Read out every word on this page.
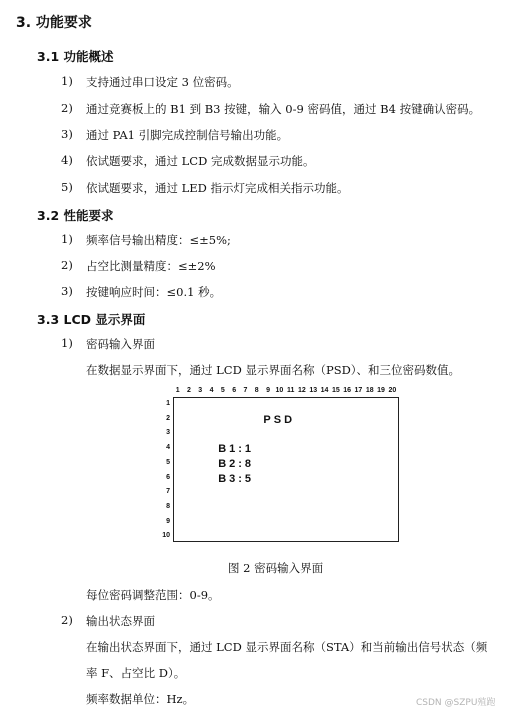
3. 功能要求
3.1 功能概述
1) 支持通过串口设定 3 位密码。
2) 通过竞赛板上的 B1 到 B3 按键，输入 0-9 密码值，通过 B4 按键确认密码。
3) 通过 PA1 引脚完成控制信号输出功能。
4) 依试题要求，通过 LCD 完成数据显示功能。
5) 依试题要求，通过 LED 指示灯完成相关指示功能。
3.2 性能要求
1) 频率信号输出精度：≤±5%;
2) 占空比测量精度：≤±2%
3) 按键响应时间：≤0.1 秒。
3.3 LCD 显示界面
1) 密码输入界面
在数据显示界面下，通过 LCD 显示界面名称（PSD）、和三位密码数值。
1 2 3 4 5 6 7 8 9 10 11 12 13 14 15 16 17 18 19 20
1
2
3
4
5
6
7
8
9
10
PSD
B1:1
B2:8
B3:5
图 2 密码输入界面
每位密码调整范围：0-9。
2) 输出状态界面
在输出状态界面下，通过 LCD 显示界面名称（STA）和当前输出信号状态（频
率 F、占空比 D）。
频率数据单位：Hz。	CSDN @SZPU殖跑
